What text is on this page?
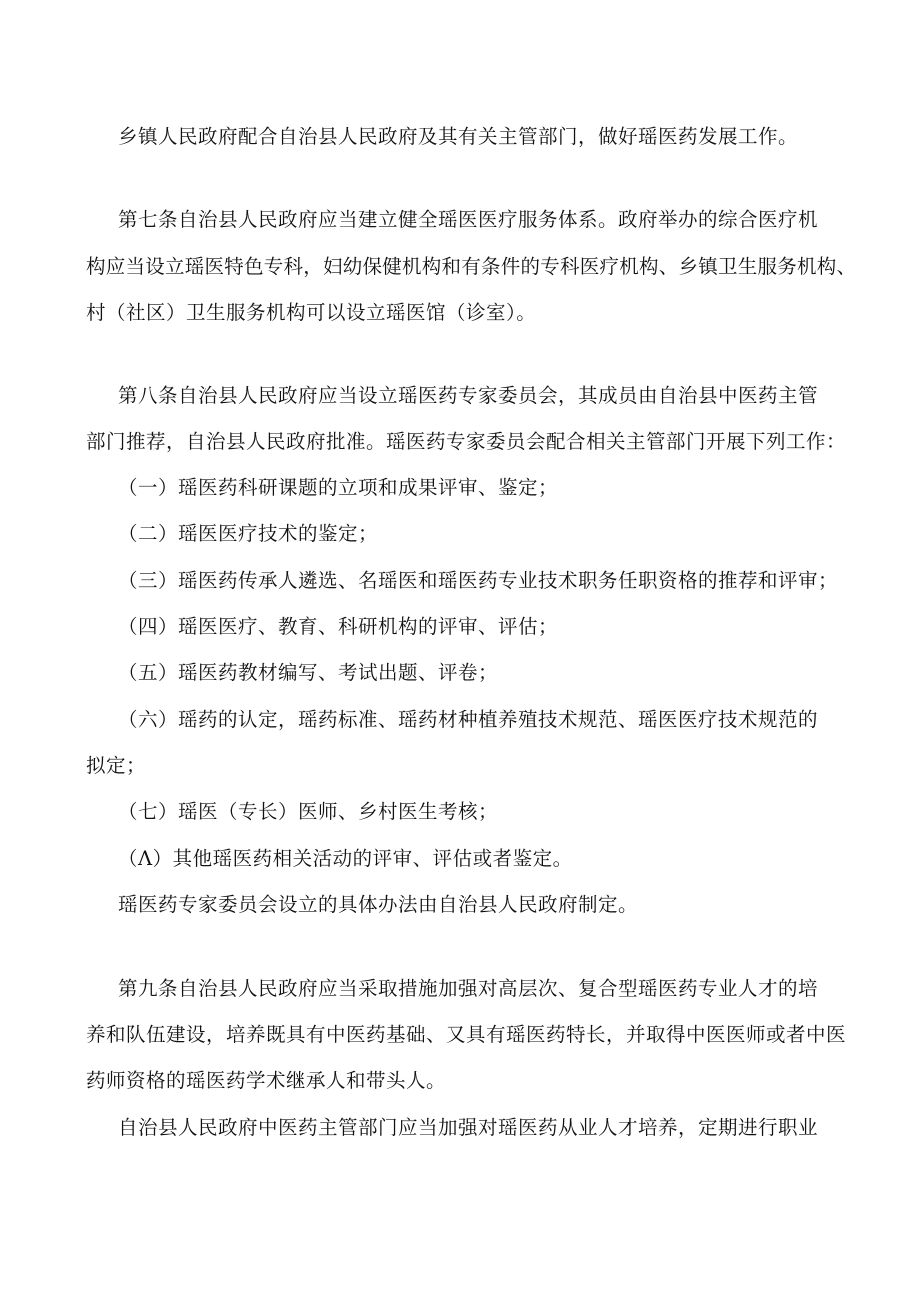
乡镇人民政府配合自治县人民政府及其有关主管部门，做好瑶医药发展工作。
第七条自治县人民政府应当建立健全瑶医医疗服务体系。政府举办的综合医疗机
构应当设立瑶医特色专科，妇幼保健机构和有条件的专科医疗机构、乡镇卫生服务机构、
村（社区）卫生服务机构可以设立瑶医馆（诊室）。
第八条自治县人民政府应当设立瑶医药专家委员会，其成员由自治县中医药主管
部门推荐，自治县人民政府批准。瑶医药专家委员会配合相关主管部门开展下列工作：
（一）瑶医药科研课题的立项和成果评审、鉴定；
（二）瑶医医疗技术的鉴定；
（三）瑶医药传承人遴选、名瑶医和瑶医药专业技术职务任职资格的推荐和评审；
（四）瑶医医疗、教育、科研机构的评审、评估；
（五）瑶医药教材编写、考试出题、评卷；
（六）瑶药的认定，瑶药标准、瑶药材种植养殖技术规范、瑶医医疗技术规范的
拟定；
（七）瑶医（专长）医师、乡村医生考核；
（Λ）其他瑶医药相关活动的评审、评估或者鉴定。
瑶医药专家委员会设立的具体办法由自治县人民政府制定。
第九条自治县人民政府应当采取措施加强对高层次、复合型瑶医药专业人才的培
养和队伍建设，培养既具有中医药基础、又具有瑶医药特长，并取得中医医师或者中医
药师资格的瑶医药学术继承人和带头人。
自治县人民政府中医药主管部门应当加强对瑶医药从业人才培养，定期进行职业
